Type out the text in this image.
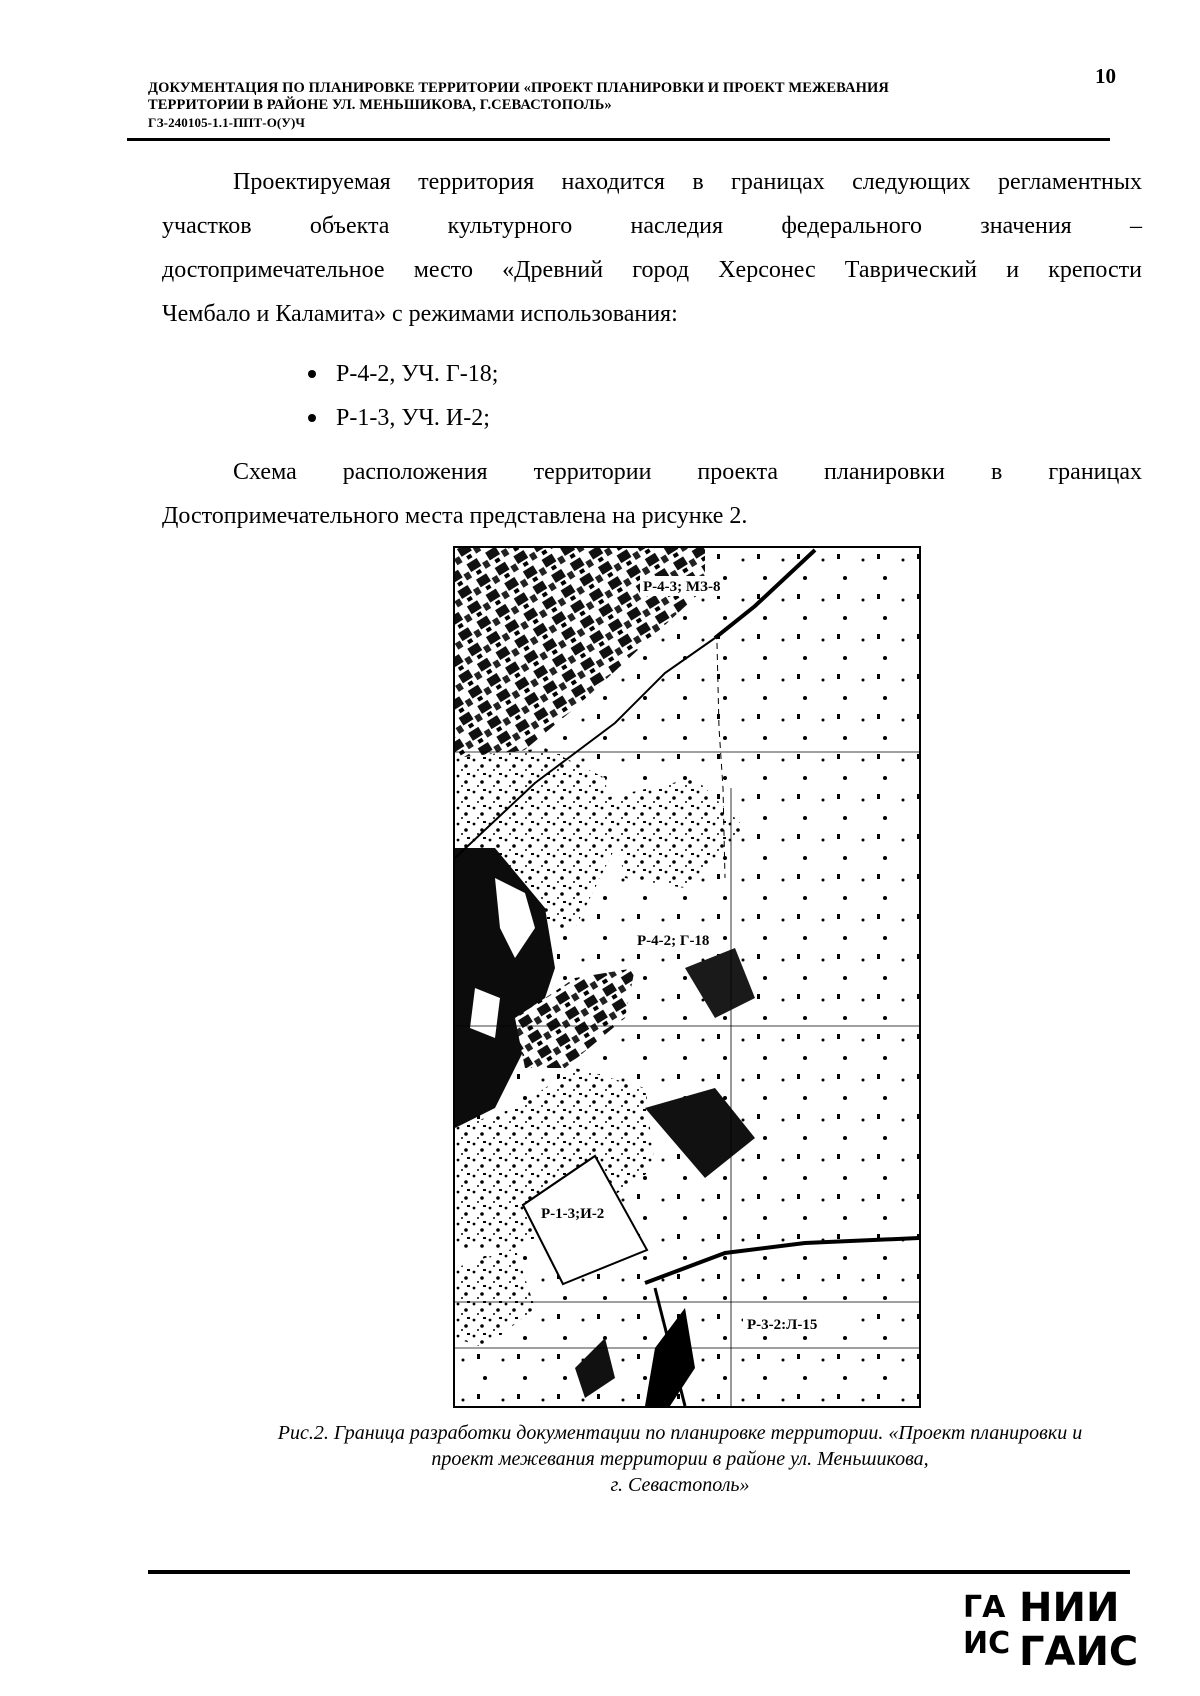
10
ДОКУМЕНТАЦИЯ ПО ПЛАНИРОВКЕ ТЕРРИТОРИИ «ПРОЕКТ ПЛАНИРОВКИ И ПРОЕКТ МЕЖЕВАНИЯ
ТЕРРИТОРИИ В РАЙОНЕ УЛ. МЕНЬШИКОВА, Г.СЕВАСТОПОЛЬ»
ГЗ-240105-1.1-ППТ-О(У)Ч
Проектируемая территория находится в границах следующих регламентных
участков объекта культурного наследия федерального значения –
достопримечательное место «Древний город Херсонес Таврический и крепости
Чембало и Каламита» с режимами использования:
Р-4-2, УЧ. Г-18;
Р-1-3, УЧ. И-2;
Схема расположения территории проекта планировки в границах
Достопримечательного места представлена на рисунке 2.
Р-4-3; МЗ-8
Р-4-2; Г-18
Р-1-3;И-2
Р-3-2:Л-15
Рис.2. Граница разработки документации по планировке территории. «Проект планировки и
проект межевания территории в районе ул. Меньшикова,
г. Севастополь»
ГА
ИС
НИИ
ГАИС
